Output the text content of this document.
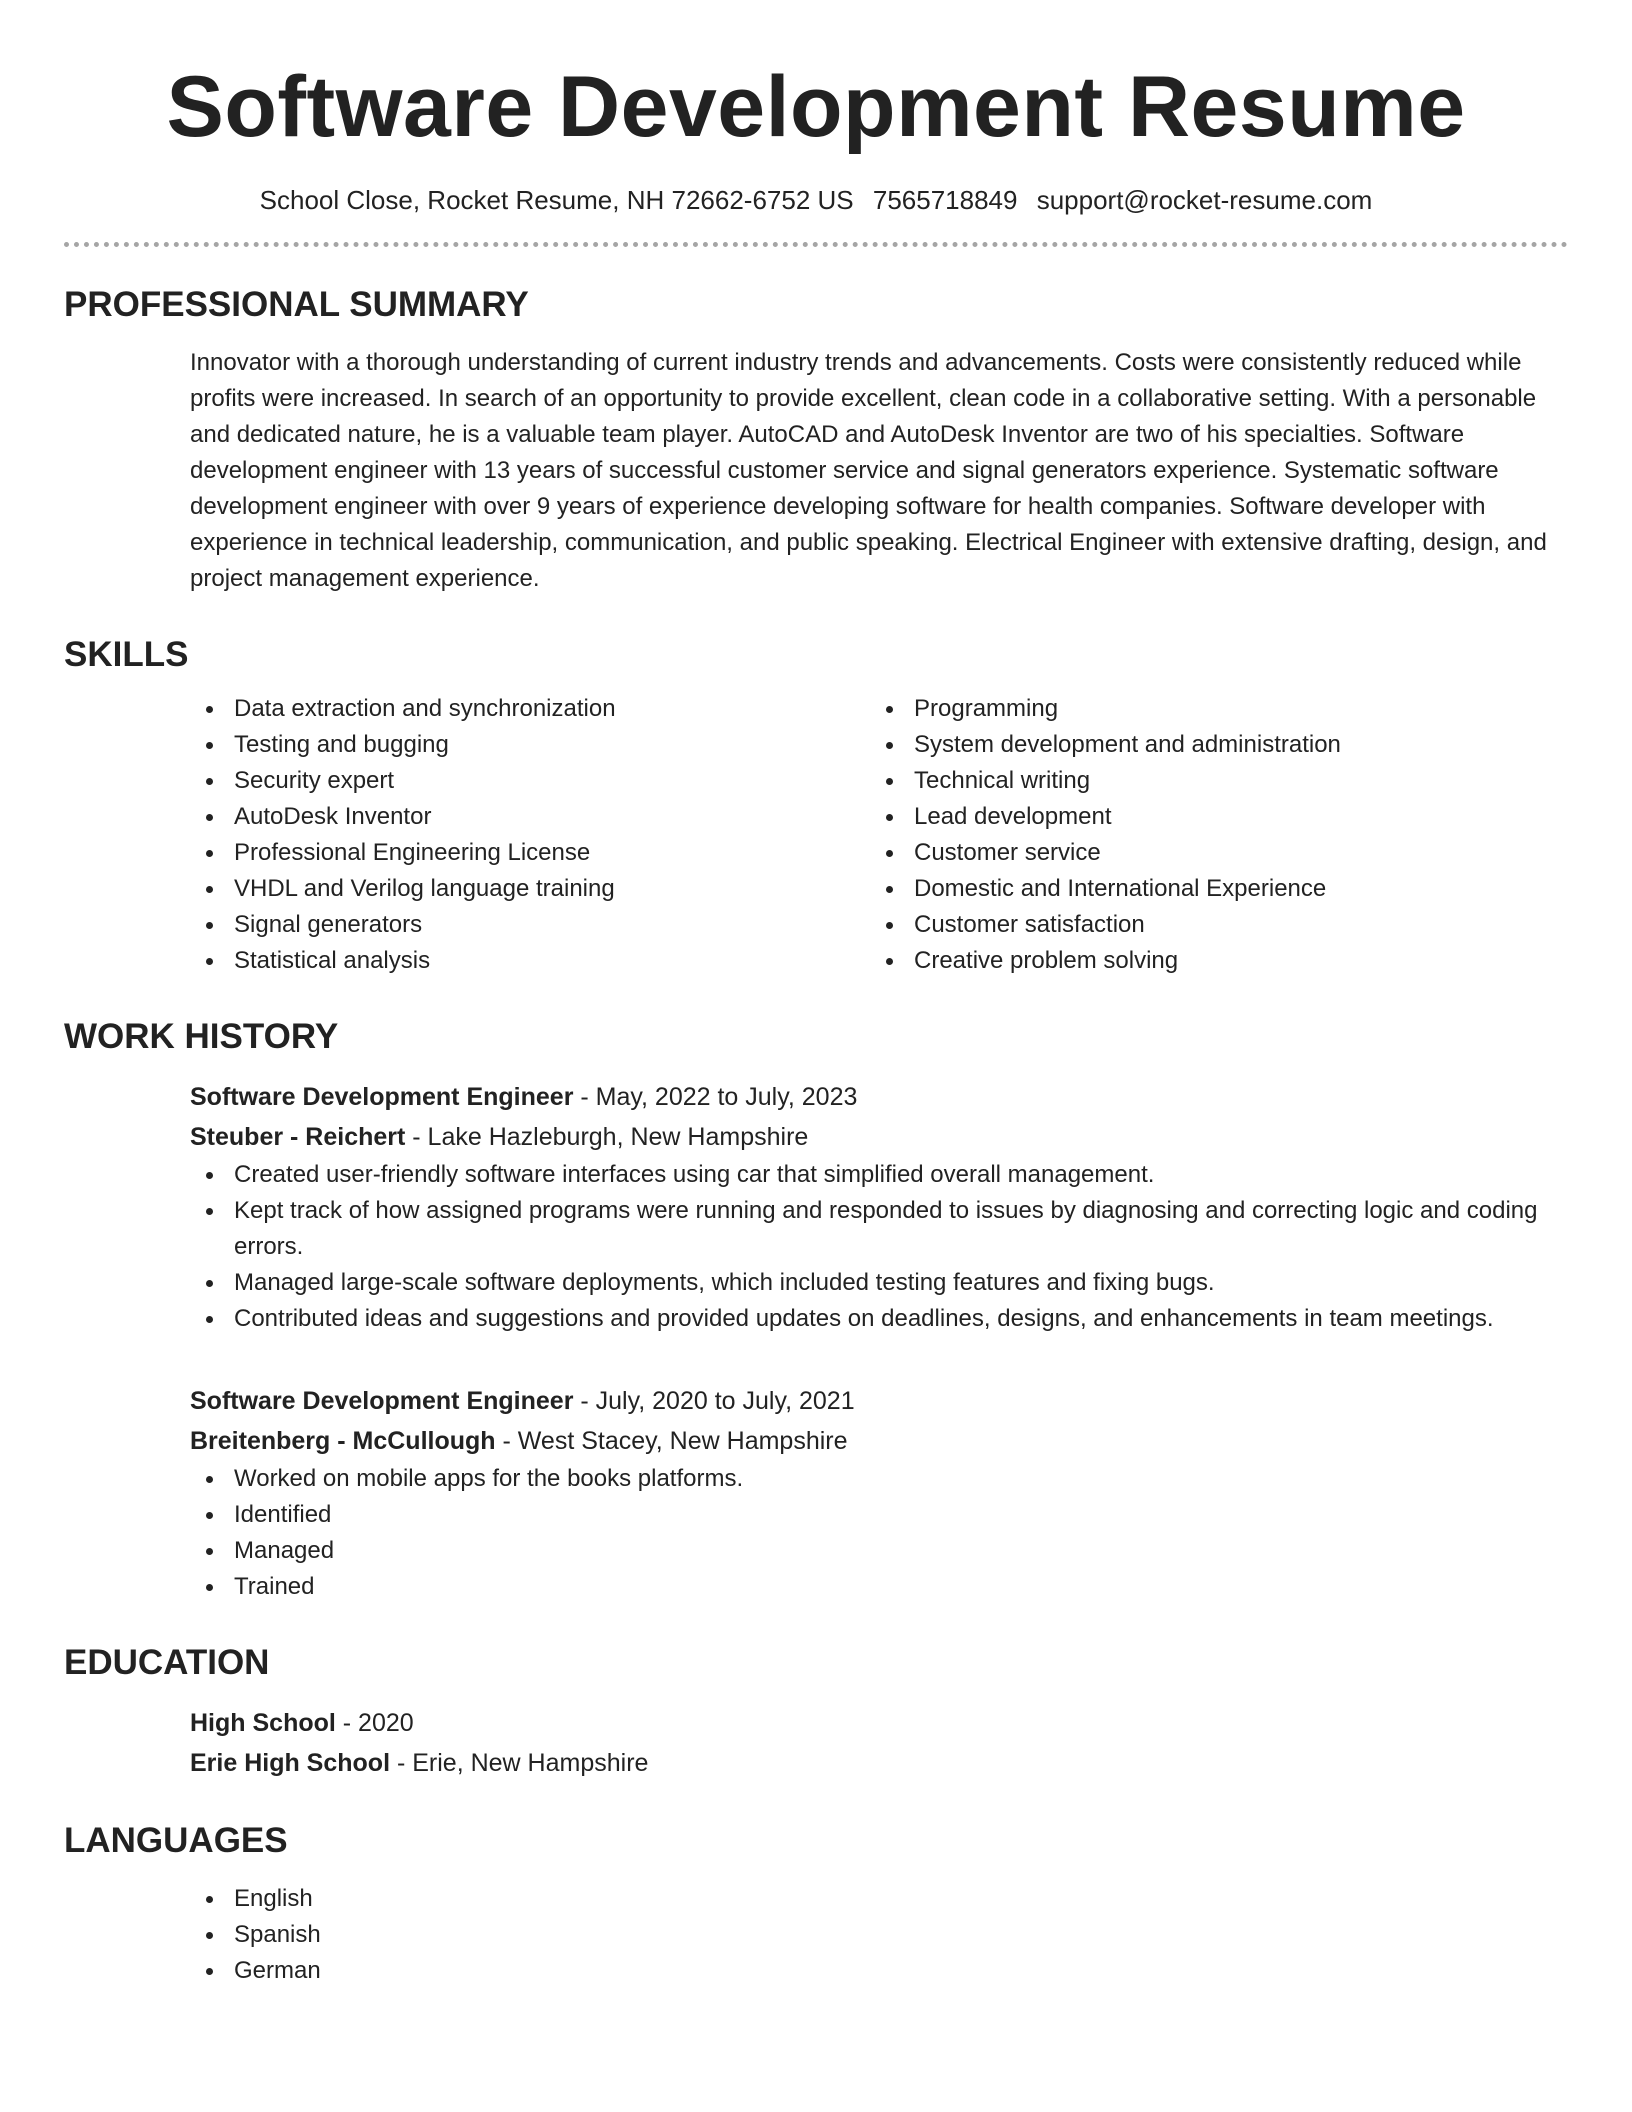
Software Development Resume
School Close, Rocket Resume, NH 72662-6752 US 7565718849 support@rocket-resume.com
PROFESSIONAL SUMMARY

Innovator with a thorough understanding of current industry trends and advancements. Costs were consistently reduced while profits were increased. In search of an opportunity to provide excellent, clean code in a collaborative setting. With a personable and dedicated nature, he is a valuable team player. AutoCAD and AutoDesk Inventor are two of his specialties. Software development engineer with 13 years of successful customer service and signal generators experience. Systematic software development engineer with over 9 years of experience developing software for health companies. Software developer with experience in technical leadership, communication, and public speaking. Electrical Engineer with extensive drafting, design, and project management experience.

SKILLS
Data extraction and synchronization
Testing and bugging
Security expert
AutoDesk Inventor
Professional Engineering License
VHDL and Verilog language training
Signal generators
Statistical analysis
Programming
System development and administration
Technical writing
Lead development
Customer service
Domestic and International Experience
Customer satisfaction
Creative problem solving
WORK HISTORY
Software Development Engineer - May, 2022 to July, 2023
Steuber - Reichert - Lake Hazleburgh, New Hampshire
Created user-friendly software interfaces using car that simplified overall management.
Kept track of how assigned programs were running and responded to issues by diagnosing and correcting logic and coding errors.
Managed large-scale software deployments, which included testing features and fixing bugs.
Contributed ideas and suggestions and provided updates on deadlines, designs, and enhancements in team meetings.
Software Development Engineer - July, 2020 to July, 2021
Breitenberg - McCullough - West Stacey, New Hampshire
Worked on mobile apps for the books platforms.
Identified
Managed
Trained
EDUCATION
High School - 2020
Erie High School - Erie, New Hampshire
LANGUAGES
English
Spanish
German
